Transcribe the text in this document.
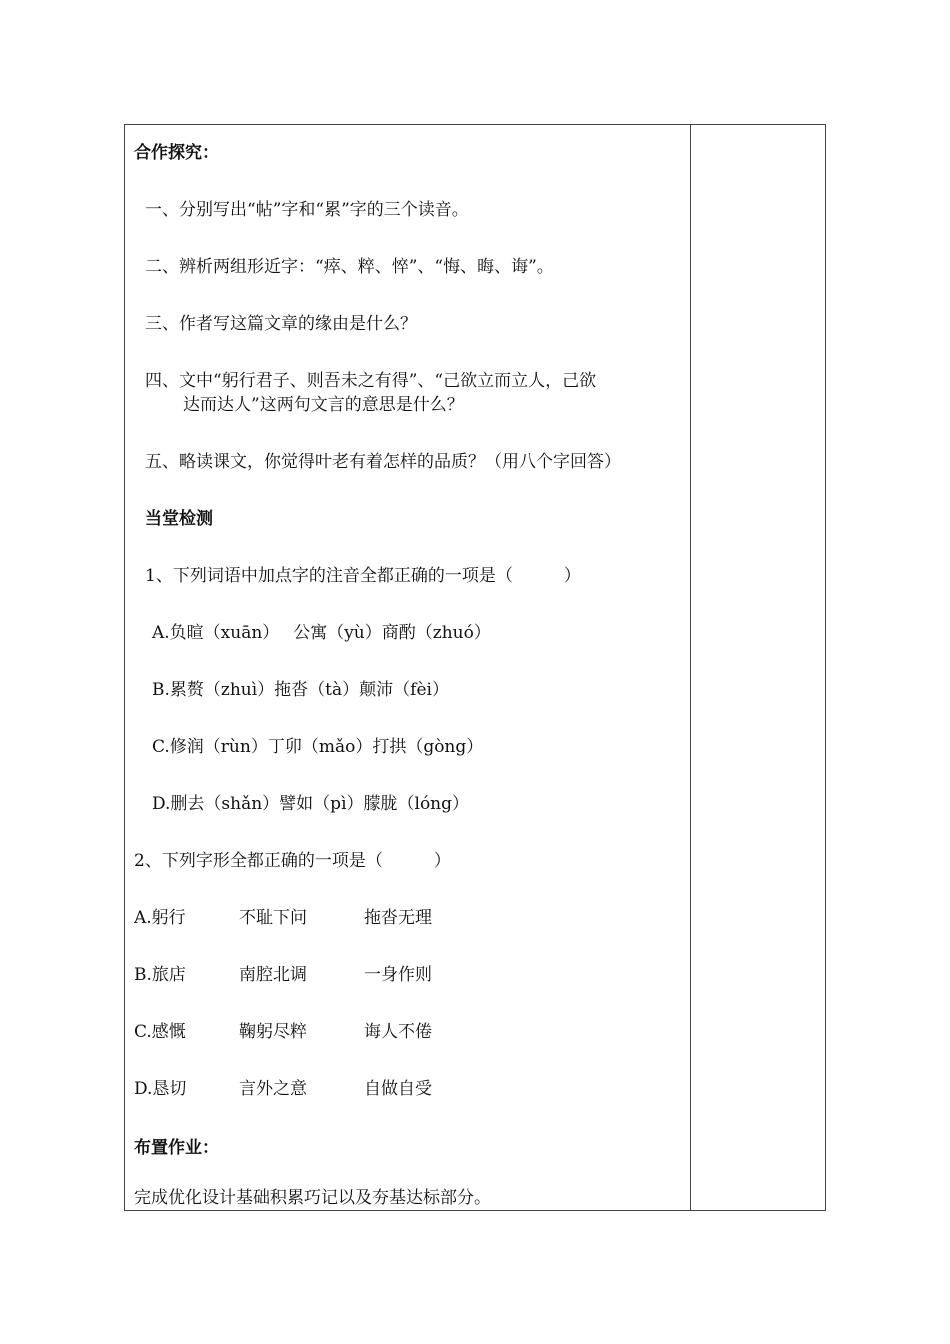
合作探究：
一、分别写出“帖”字和“累”字的三个读音。
二、辨析两组形近字：“瘁、粹、悴”、“悔、晦、诲”。
三、作者写这篇文章的缘由是什么？
四、文中“躬行君子、则吾未之有得”、“己欲立而立人，己欲
达而达人”这两句文言的意思是什么？
五、略读课文，你觉得叶老有着怎样的品质？（用八个字回答）
当堂检测
1、下列词语中加点字的注音全都正确的一项是（　　　）
A.负暄（xuān）　 公寓（yù）商酌（zhuó）
B.累赘（zhuì）拖沓（tà）颠沛（fèi）
C.修润（rùn）丁卯（mǎo）打拱（gòng）
D.删去（shǎn）譬如（pì）朦胧（lóng）
2、下列字形全都正确的一项是（　　　）
A.躬行	不耻下问	拖沓无理
B.旅店	南腔北调	一身作则
C.感慨	鞠躬尽粹	诲人不倦
D.恳切	言外之意	自做自受
布置作业：
完成优化设计基础积累巧记以及夯基达标部分。
